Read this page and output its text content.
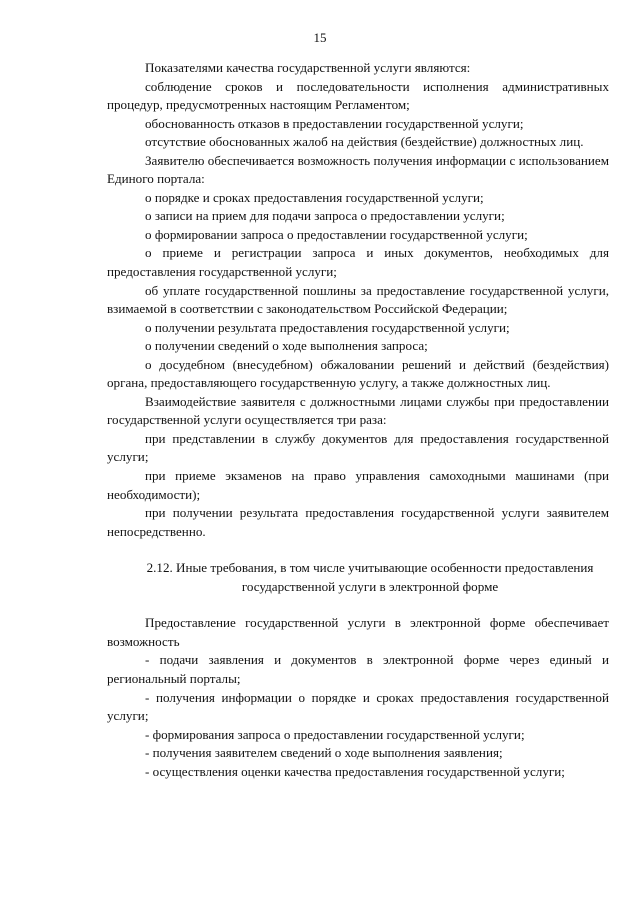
15

Показателями качества государственной услуги являются:

соблюдение сроков и последовательности исполнения административных процедур, предусмотренных настоящим Регламентом;

обоснованность отказов в предоставлении государственной услуги;

отсутствие обоснованных жалоб на действия (бездействие) должностных лиц.

Заявителю обеспечивается возможность получения информации с использованием Единого портала:

о порядке и сроках предоставления государственной услуги;

о записи на прием для подачи запроса о предоставлении услуги;

о формировании запроса о предоставлении государственной услуги;

о приеме и регистрации запроса и иных документов, необходимых для предоставления государственной услуги;

об уплате государственной пошлины за предоставление государственной услуги, взимаемой в соответствии с законодательством Российской Федерации;

о получении результата предоставления государственной услуги;

о получении сведений о ходе выполнения запроса;

о досудебном (внесудебном) обжаловании решений и действий (бездействия) органа, предоставляющего государственную услугу, а также должностных лиц.

Взаимодействие заявителя с должностными лицами службы при предоставлении государственной услуги осуществляется три раза:

при представлении в службу документов для предоставления государственной услуги;

при приеме экзаменов на право управления самоходными машинами (при необходимости);

при получении результата предоставления государственной услуги заявителем непосредственно.

2.12. Иные требования, в том числе учитывающие особенности предоставления государственной услуги в электронной форме

Предоставление государственной услуги в электронной форме обеспечивает возможность

- подачи заявления и документов в электронной форме через единый и региональный порталы;

- получения информации о порядке и сроках предоставления государственной услуги;

- формирования запроса о предоставлении государственной услуги;

- получения заявителем сведений о ходе выполнения заявления;

- осуществления оценки качества предоставления государственной услуги;
